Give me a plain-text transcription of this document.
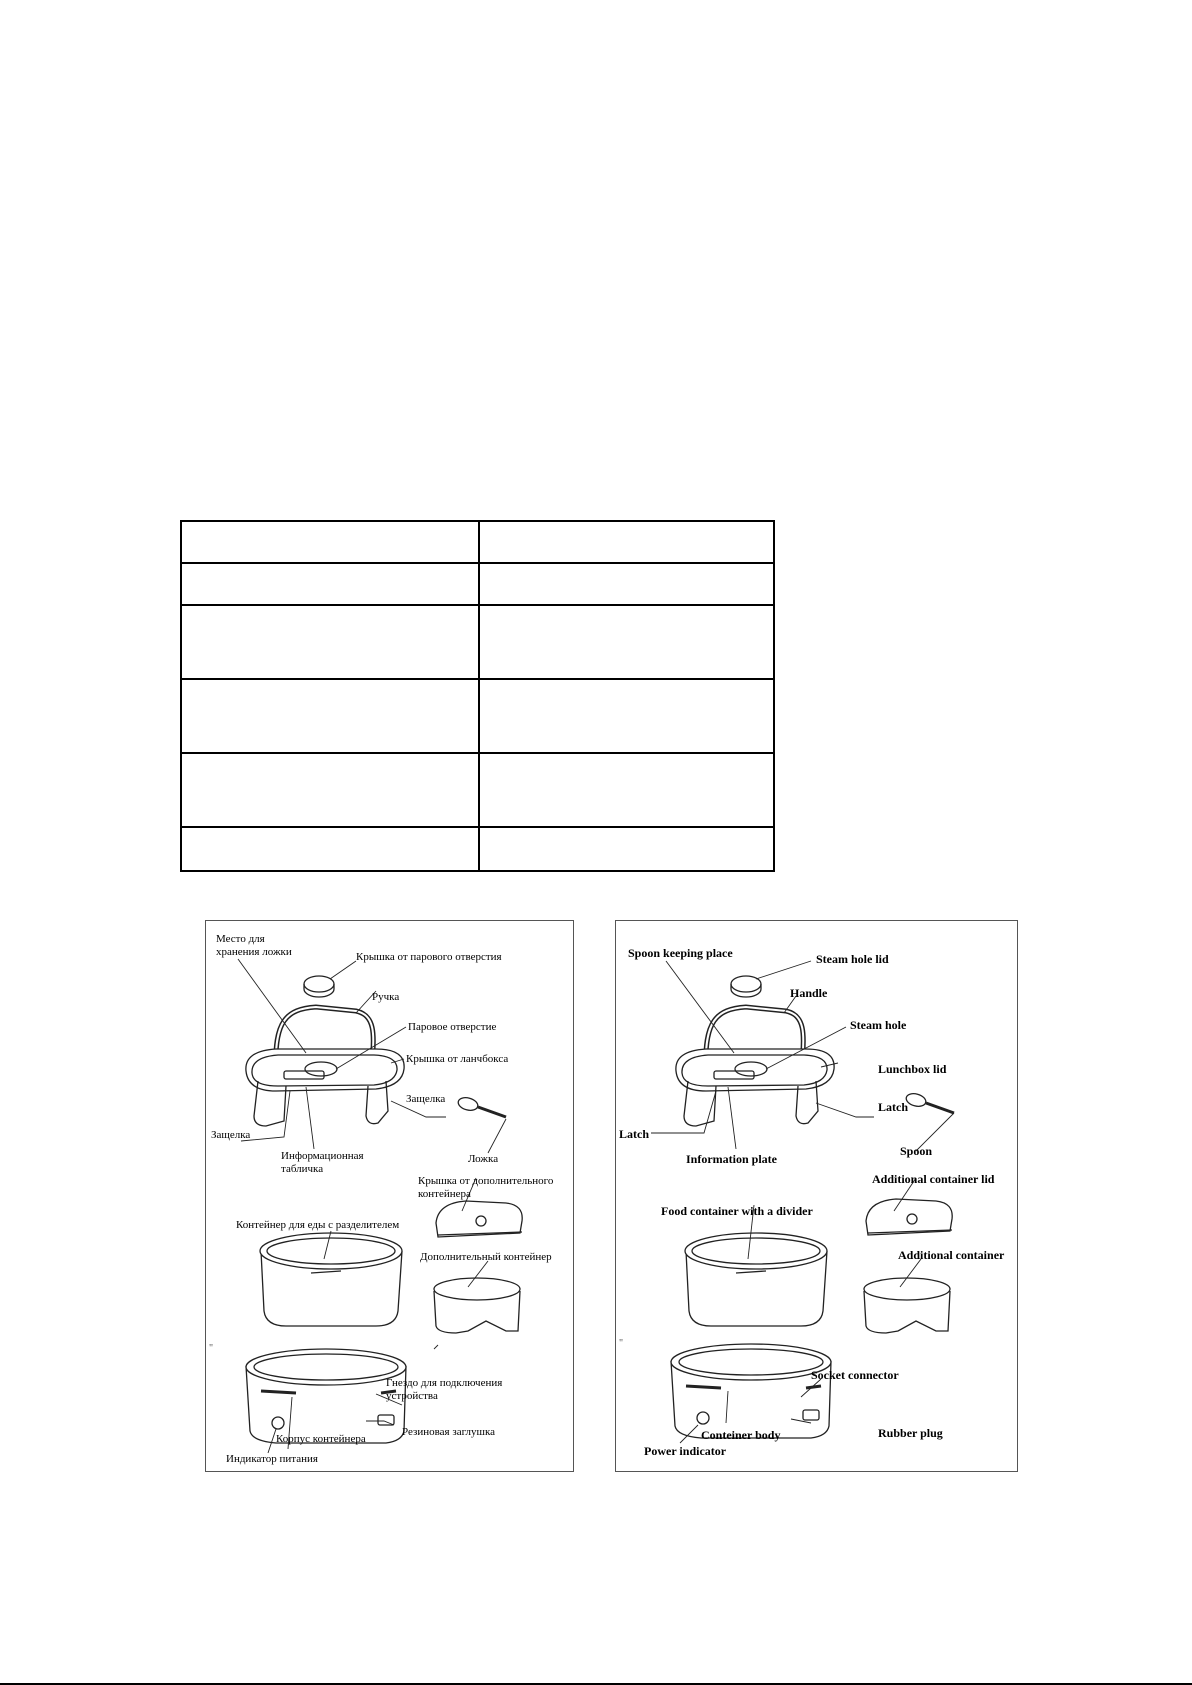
"
Место для хранения ложки	Крышка от парового отверстия
Ручка
Паровое отверстие
Крышка от ланчбокса
Защелка
Защелка
Ложка
Информационная табличка
Крышка от дополнительного контейнера
Контейнер для еды с разделителем
Дополнительный контейнер
Гнездо для подключения устройства
Корпус контейнера
Резиновая заглушка
Индикатор питания
"
Spoon keeping place	Steam hole lid
Handle
Steam hole
Lunchbox lid
Latch
Latch
Spoon
Information plate
Additional container lid
Food container with a divider
Additional container
Socket connector
Conteiner body	Rubber plug
Power indicator
